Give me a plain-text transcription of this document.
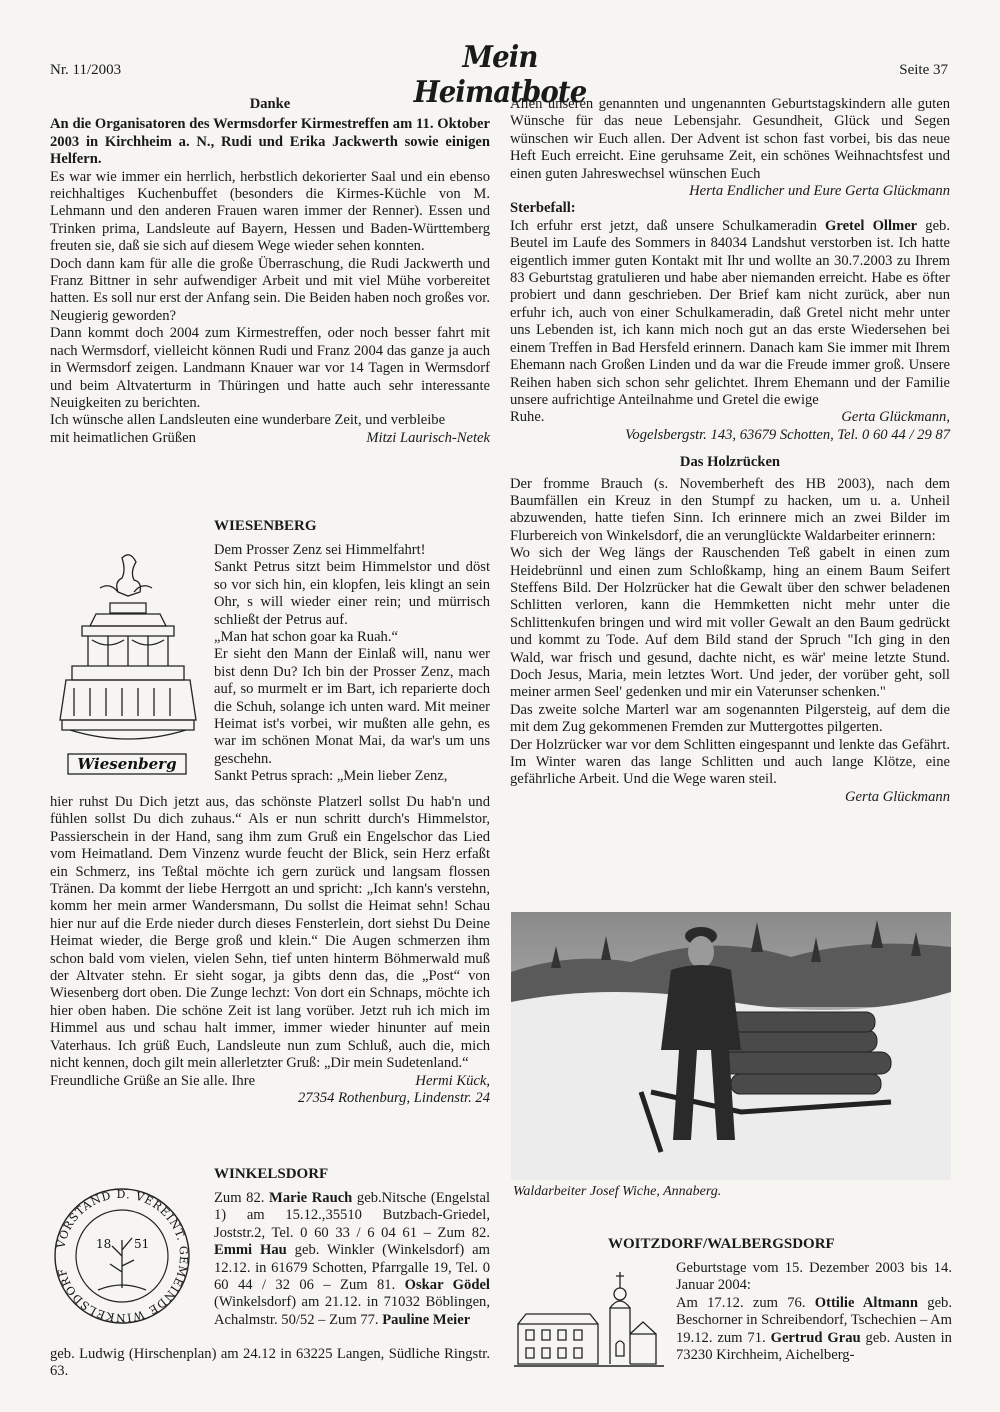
Nr. 11/2003	Mein Heimatbote
Seite 37

Danke

An die Organisatoren des Wermsdorfer Kirmestreffen am 11. Oktober 2003 in Kirchheim a. N., Rudi und Erika Jackwerth sowie einigen Helfern.

Es war wie immer ein herrlich, herbstlich dekorierter Saal und ein ebenso reichhaltiges Kuchenbuffet (besonders die Kirmes-Küchle von M. Lehmann und den anderen Frauen waren immer der Renner). Essen und Trinken prima, Landsleute auf Bayern, Hessen und Baden-Württemberg freuten sie, daß sie sich auf diesem Wege wieder sehen konnten.

Doch dann kam für alle die große Überraschung, die Rudi Jackwerth und Franz Bittner in sehr aufwendiger Arbeit und mit viel Mühe vorbereitet hatten. Es soll nur erst der Anfang sein. Die Beiden haben noch großes vor. Neugierig geworden?

Dann kommt doch 2004 zum Kirmestreffen, oder noch besser fahrt mit nach Wermsdorf, vielleicht können Rudi und Franz 2004 das ganze ja auch in Wermsdorf zeigen. Landmann Knauer war vor 14 Tagen in Wermsdorf und beim Altvaterturm in Thüringen und hatte auch sehr interessante Neuigkeiten zu berichten.

Ich wünsche allen Landsleuten eine wunderbare Zeit, und verbleibe

mit heimatlichen Grüßen	Mitzi Laurisch-Netek
WIESENBERG
Wiesenberg

Dem Prosser Zenz sei Himmelfahrt!

Sankt Petrus sitzt beim Himmelstor und döst so vor sich hin, ein klopfen, leis klingt an sein Ohr, s will wieder einer rein; und mürrisch schließt der Petrus auf.

„Man hat schon goar ka Ruah.“

Er sieht den Mann der Einlaß will, nanu wer bist denn Du? Ich bin der Prosser Zenz, mach auf, so murmelt er im Bart, ich reparierte doch die Schuh, solange ich unten ward. Mit meiner Heimat ist's vorbei, wir mußten alle gehn, es war im schönen Monat Mai, da war's um uns geschehn.

Sankt Petrus sprach: „Mein lieber Zenz,

hier ruhst Du Dich jetzt aus, das schönste Platzerl sollst Du hab'n und fühlen sollst Du dich zuhaus.“ Als er nun schritt durch's Himmelstor, Passierschein in der Hand, sang ihm zum Gruß ein Engelschor das Lied vom Heimatland. Dem Vinzenz wurde feucht der Blick, sein Herz erfaßt ein Schmerz, ins Teßtal möchte ich gern zurück und langsam flossen Tränen. Da kommt der liebe Herrgott an und spricht: „Ich kann's verstehn, komm her mein armer Wandersmann, Du sollst die Heimat sehn! Schau hier nur auf die Erde nieder durch dieses Fensterlein, dort siehst Du Deine Heimat wieder, die Berge groß und klein.“ Die Augen schmerzen ihm schon bald vom vielen, vielen Sehn, tief unten hinterm Böhmerwald muß der Altvater stehn. Er sieht sogar, ja gibts denn das, die „Post“ von Wiesenberg dort oben. Die Zunge lechzt: Von dort ein Schnaps, möchte ich hier oben haben. Die schöne Zeit ist lang vorüber. Jetzt ruh ich mich im Himmel aus und schau halt immer, immer wieder hinunter auf mein Vaterhaus. Ich grüß Euch, Landsleute nun zum Schluß, auch die, mich nicht kennen, doch gilt mein allerletzter Gruß: „Dir mein Sudetenland.“

Freundliche Grüße an Sie alle. Ihre	Hermi Kück,

27354 Rothenburg, Lindenstr. 24

WINKELSDORF
VORSTAND D. VEREINT. GEMEINDE WINKELSDORF
18 51

Zum 82. Marie Rauch geb.Nitsche (Engelstal 1) am 15.12.,35510 Butzbach-Griedel, Joststr.2, Tel. 0 60 33 / 6 04 61 – Zum 82. Emmi Hau geb. Winkler (Winkelsdorf) am 12.12. in 61679 Schotten, Pfarrgalle 19, Tel. 0 60 44 / 32 06 – Zum 81. Oskar Gödel (Winkelsdorf) am 21.12. in 71032 Böblingen, Achalmstr. 50/52 – Zum 77. Pauline Meier

geb. Ludwig (Hirschenplan) am 24.12 in 63225 Langen, Südliche Ringstr. 63.

Allen unseren genannten und ungenannten Geburtstagskindern alle guten Wünsche für das neue Lebensjahr. Gesundheit, Glück und Segen wünschen wir Euch allen. Der Advent ist schon fast vorbei, bis das neue Heft Euch erreicht. Eine geruhsame Zeit, ein schönes Weihnachtsfest und einen guten Jahreswechsel wünschen Euch

Herta Endlicher und Eure Gerta Glückmann

Sterbefall:

Ich erfuhr erst jetzt, daß unsere Schulkameradin Gretel Ollmer geb. Beutel im Laufe des Sommers in 84034 Landshut verstorben ist. Ich hatte eigentlich immer guten Kontakt mit Ihr und wollte an 30.7.2003 zu Ihrem 83 Geburtstag gratulieren und habe aber niemanden erreicht. Habe es öfter probiert und dann geschrieben. Der Brief kam nicht zurück, aber nun erfuhr ich, auch von einer Schulkameradin, daß Gretel nicht mehr unter uns Lebenden ist, ich kann mich noch gut an das erste Wiedersehen bei einem Treffen in Bad Hersfeld erinnern. Danach kam Sie immer mit Ihrem Ehemann nach Großen Linden und da war die Freude immer groß. Unsere Reihen haben sich schon sehr gelichtet. Ihrem Ehemann und der Familie unsere aufrichtige Anteilnahme und Gretel die ewige

Ruhe.	Gerta Glückmann,

Vogelsbergstr. 143, 63679 Schotten, Tel. 0 60 44 / 29 87

Das Holzrücken

Der fromme Brauch (s. Novemberheft des HB 2003), nach dem Baumfällen ein Kreuz in den Stumpf zu hacken, um u. a. Unheil abzuwenden, hatte tiefen Sinn. Ich erinnere mich an zwei Bilder im Flurbereich von Winkelsdorf, die an verunglückte Waldarbeiter erinnern:

Wo sich der Weg längs der Rauschenden Teß gabelt in einen zum Heidebrünnl und einen zum Schloßkamp, hing an einem Baum Seifert Steffens Bild. Der Holzrücker hat die Gewalt über den schwer beladenen Schlitten verloren, kann die Hemmketten nicht mehr unter die Schlittenkufen bringen und wird mit voller Gewalt an den Baum gedrückt und kommt zu Tode. Auf dem Bild stand der Spruch "Ich ging in den Wald, war frisch und gesund, dachte nicht, es wär' meine letzte Stund. Doch Jesus, Maria, mein letztes Wort. Und jeder, der vorüber geht, soll meiner armen Seel' gedenken und mir ein Vaterunser schenken."

Das zweite solche Marterl war am sogenannten Pilgersteig, auf dem die mit dem Zug gekommenen Fremden zur Muttergottes pilgerten.

Der Holzrücker war vor dem Schlitten eingespannt und lenkte das Gefährt. Im Winter waren das lange Schlitten und auch lange Klötze, eine gefährliche Arbeit. Und die Wege waren steil.

Gerta Glückmann

Waldarbeiter Josef Wiche, Annaberg.
WOITZDORF/WALBERGSDORF

Geburtstage vom 15. Dezember 2003 bis 14. Januar 2004:

Am 17.12. zum 76. Ottilie Altmann geb. Beschorner in Schreibendorf, Tschechien – Am 19.12. zum 71. Gertrud Grau geb. Austen in 73230 Kirchheim, Aichelberg-
